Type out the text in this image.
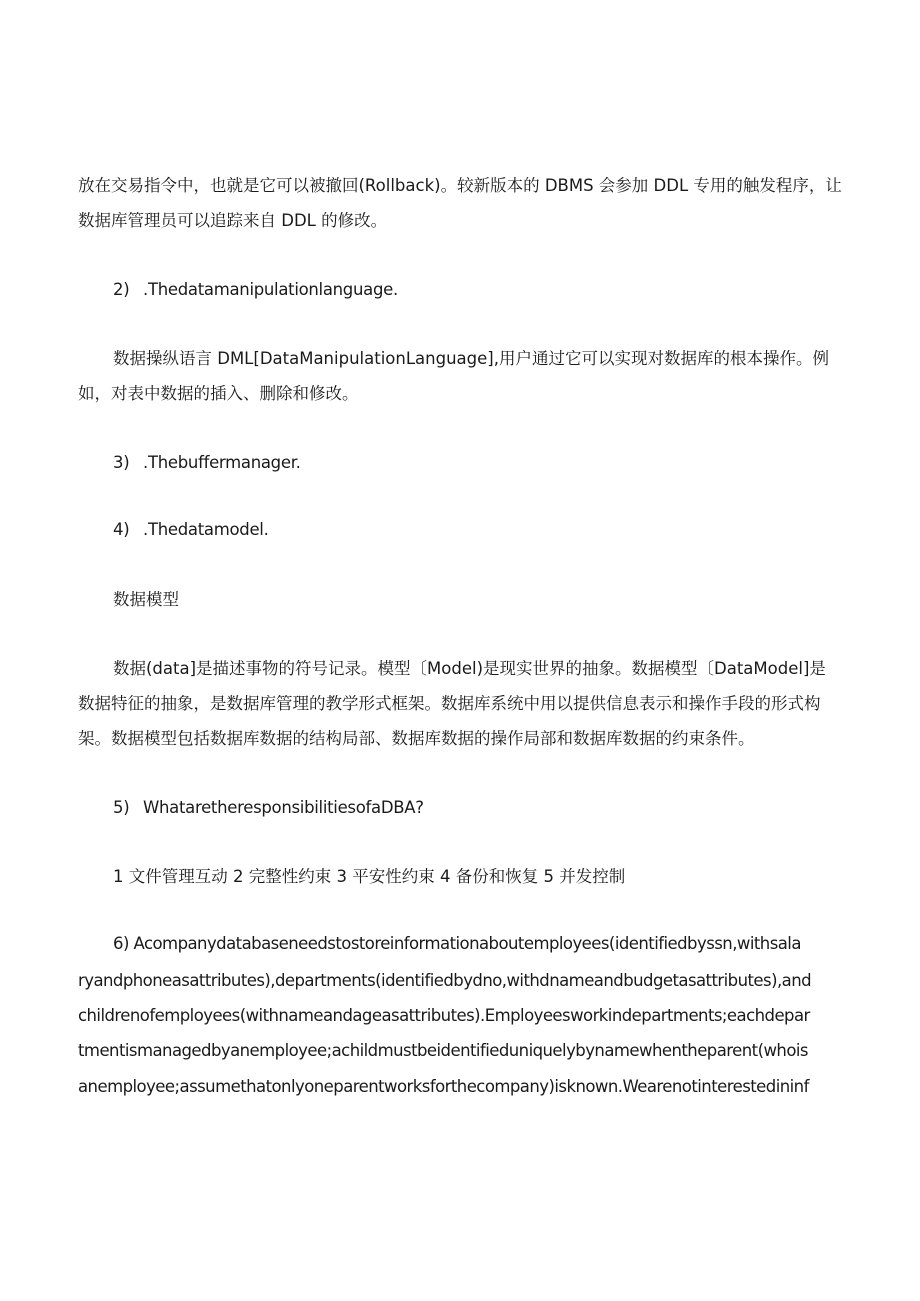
放在交易指令中，也就是它可以被撤回(Rollback)。较新版本的 DBMS 会参加 DDL 专用的触发程序，让
数据库管理员可以追踪来自 DDL 的修改。
2) .Thedatamanipulationlanguage.
数据操纵语言 DML[DataManipulationLanguage],用户通过它可以实现对数据库的根本操作。例
如，对表中数据的插入、删除和修改。
3) .Thebuffermanager.
4) .Thedatamodel.
数据模型
数据(data]是描述事物的符号记录。模型〔Model)是现实世界的抽象。数据模型〔DataModel]是
数据特征的抽象，是数据库管理的教学形式框架。数据库系统中用以提供信息表示和操作手段的形式构
架。数据模型包括数据库数据的结构局部、数据库数据的操作局部和数据库数据的约束条件。
5) WhataretheresponsibilitiesofaDBA?
1 文件管理互动 2 完整性约束 3 平安性约束 4 备份和恢复 5 并发控制
6) Acompanydatabaseneedstostoreinformationaboutemployees(identifiedbyssn,withsala
ryandphoneasattributes),departments(identifiedbydno,withdnameandbudgetasattributes),and
childrenofemployees(withnameandageasattributes).Employeesworkindepartments;eachdepar
tmentismanagedbyanemployee;achildmustbeidentifieduniquelybynamewhentheparent(whois
anemployee;assumethatonlyoneparentworksforthecompany)isknown.Wearenotinterestedininf
